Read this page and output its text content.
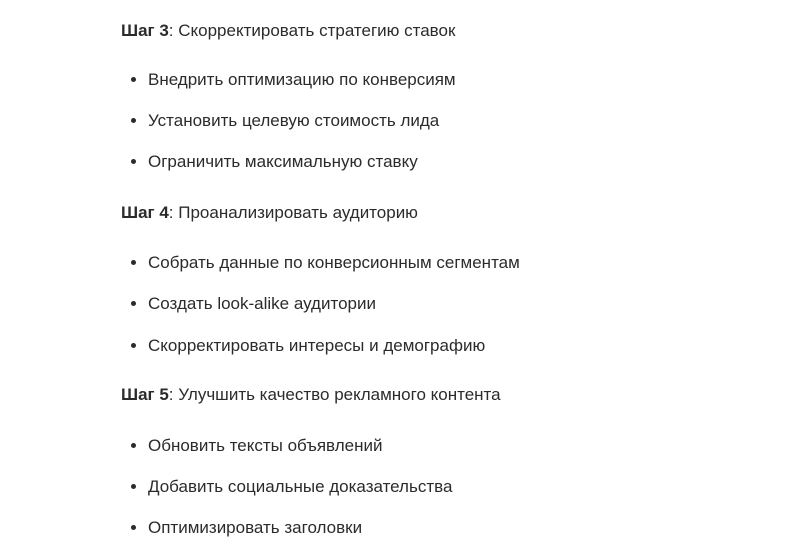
Шаг 3: Скорректировать стратегию ставок
Внедрить оптимизацию по конверсиям
Установить целевую стоимость лида
Ограничить максимальную ставку
Шаг 4: Проанализировать аудиторию
Собрать данные по конверсионным сегментам
Создать look-alike аудитории
Скорректировать интересы и демографию
Шаг 5: Улучшить качество рекламного контента
Обновить тексты объявлений
Добавить социальные доказательства
Оптимизировать заголовки
